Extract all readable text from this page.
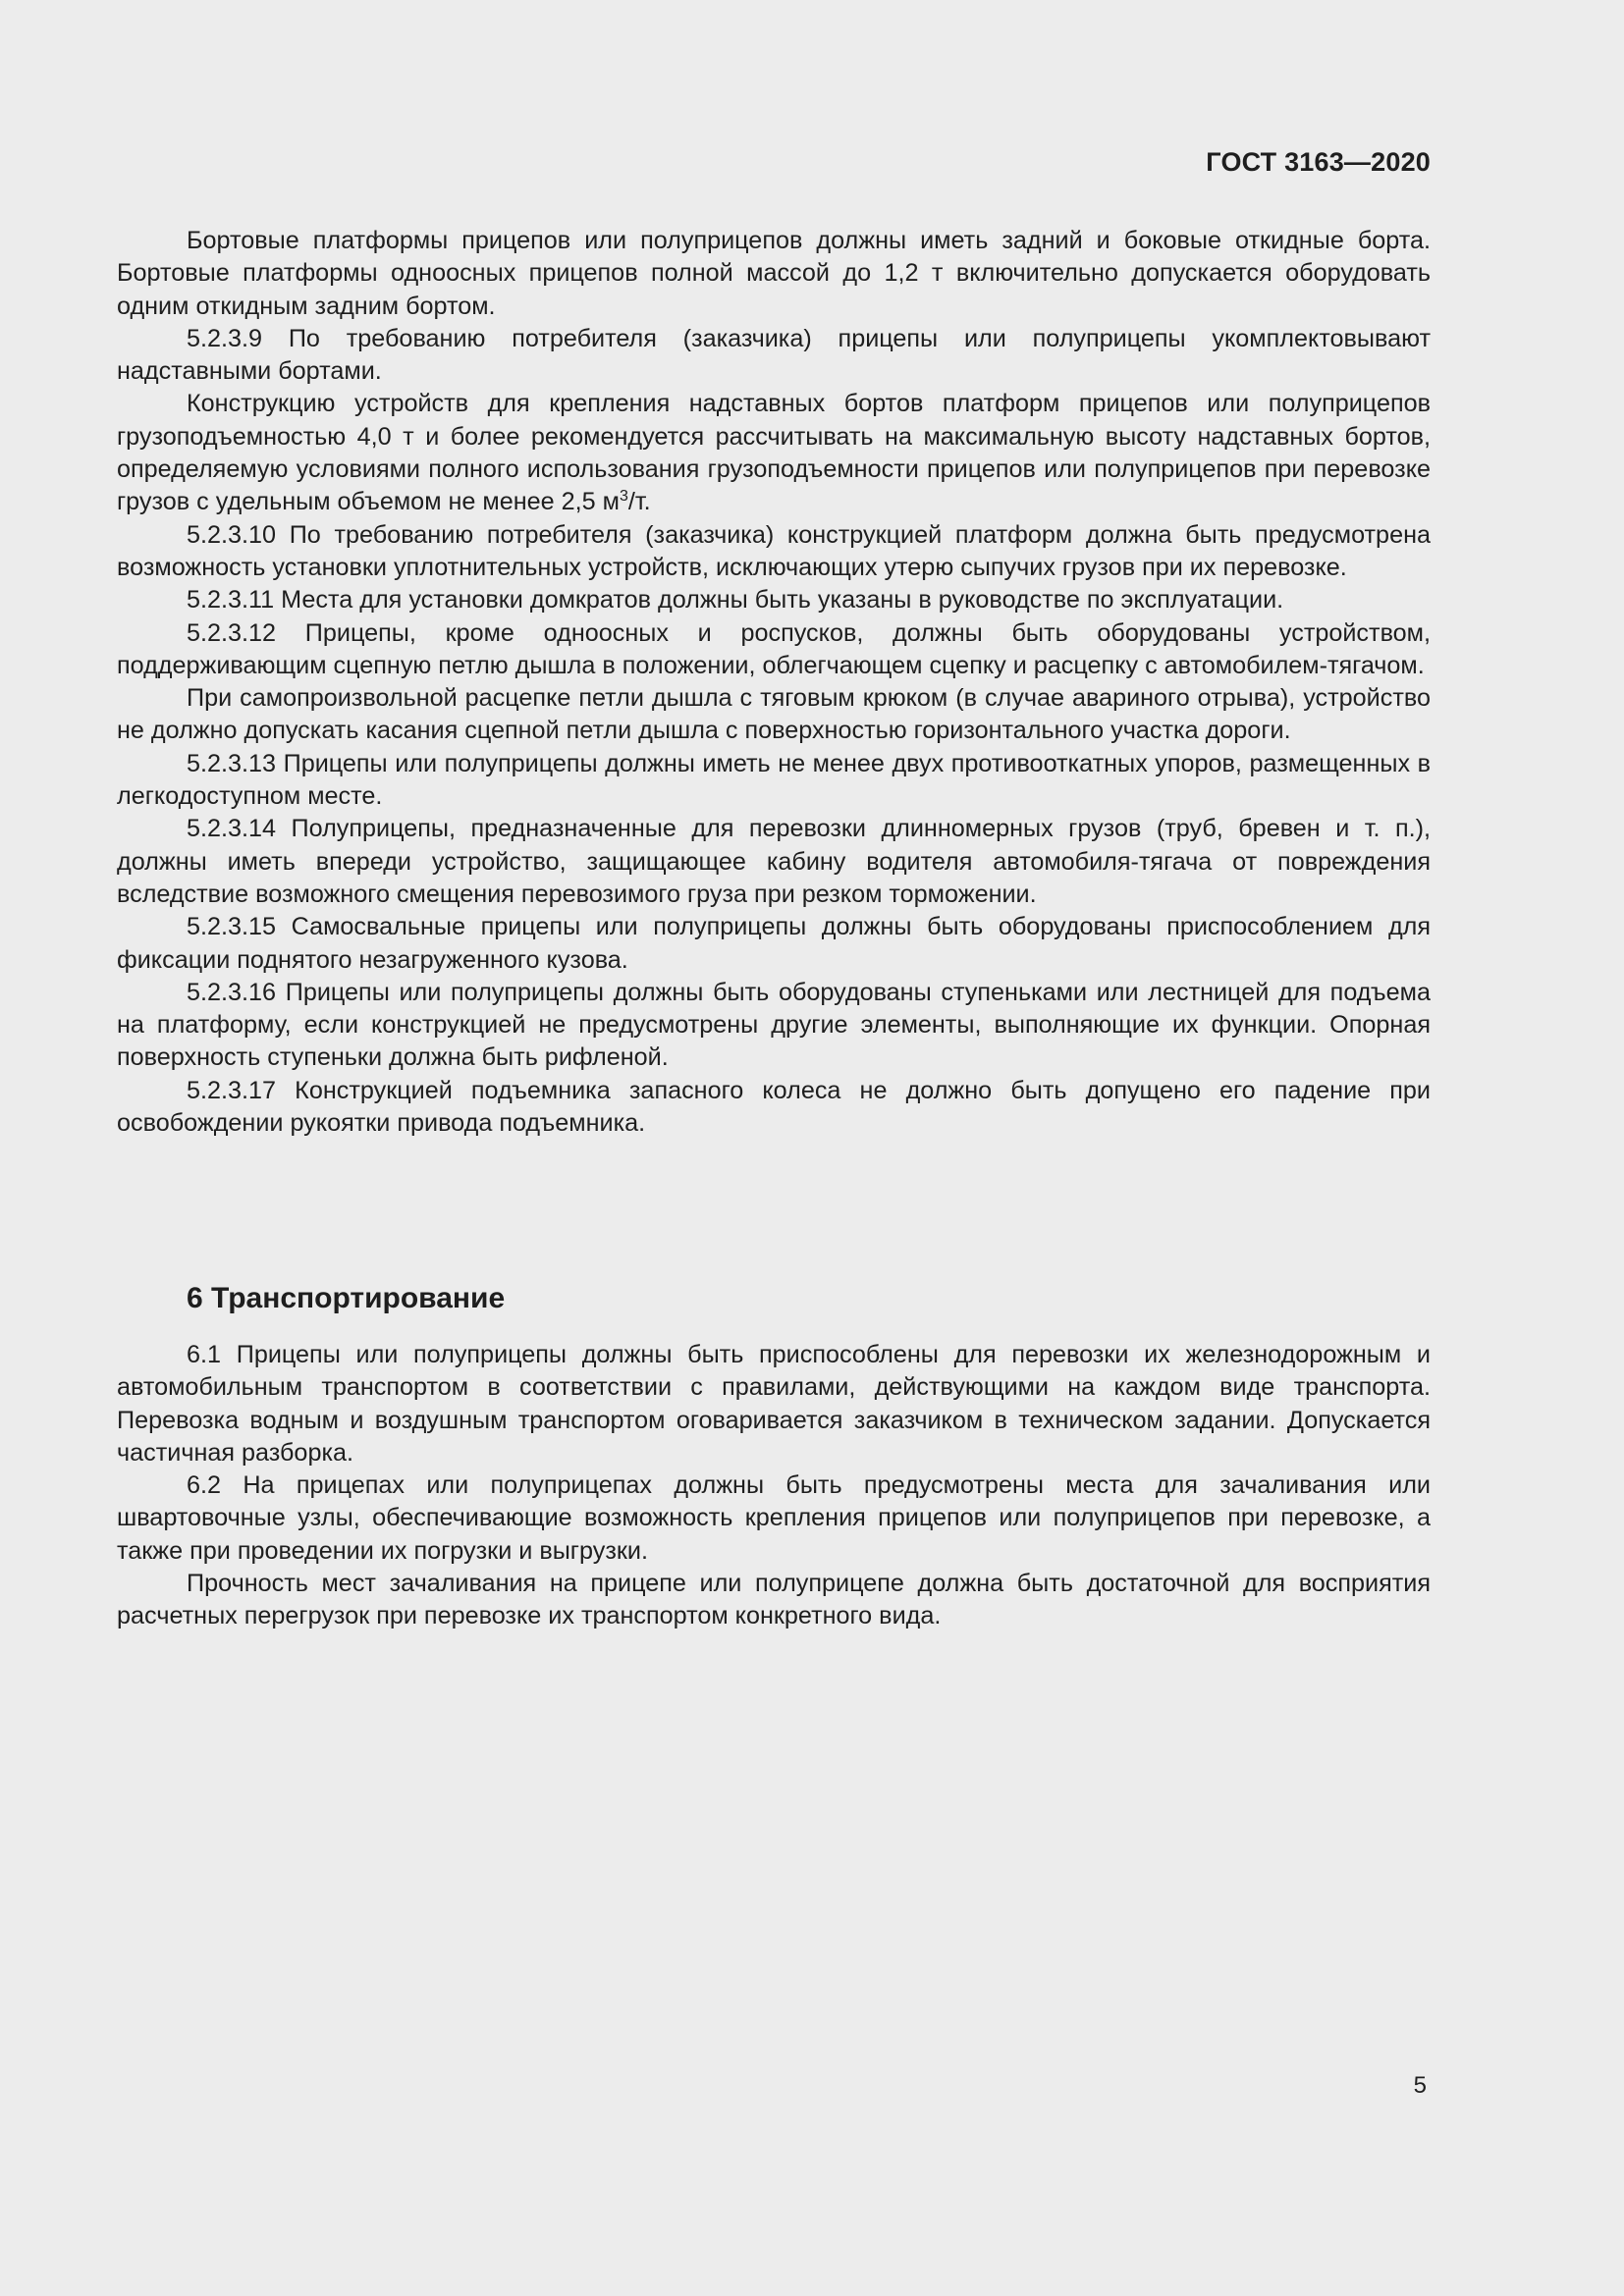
ГОСТ 3163—2020

Бортовые платформы прицепов или полуприцепов должны иметь задний и боковые откидные борта. Бортовые платформы одноосных прицепов полной массой до 1,2 т включительно допускается оборудовать одним откидным задним бортом.

5.2.3.9 По требованию потребителя (заказчика) прицепы или полуприцепы укомплектовывают надставными бортами.

Конструкцию устройств для крепления надставных бортов платформ прицепов или полуприцепов грузоподъемностью 4,0 т и более рекомендуется рассчитывать на максимальную высоту надставных бортов, определяемую условиями полного использования грузоподъемности прицепов или полуприцепов при перевозке грузов с удельным объемом не менее 2,5 $м^3/т$.

5.2.3.10 По требованию потребителя (заказчика) конструкцией платформ должна быть предусмотрена возможность установки уплотнительных устройств, исключающих утерю сыпучих грузов при их перевозке.

5.2.3.11 Места для установки домкратов должны быть указаны в руководстве по эксплуатации.

5.2.3.12 Прицепы, кроме одноосных и роспусков, должны быть оборудованы устройством, поддерживающим сцепную петлю дышла в положении, облегчающем сцепку и расцепку с автомобилем-тягачом.

При самопроизвольной расцепке петли дышла с тяговым крюком (в случае авариного отрыва), устройство не должно допускать касания сцепной петли дышла с поверхностью горизонтального участка дороги.

5.2.3.13 Прицепы или полуприцепы должны иметь не менее двух противооткатных упоров, размещенных в легкодоступном месте.

5.2.3.14 Полуприцепы, предназначенные для перевозки длинномерных грузов (труб, бревен и т. п.), должны иметь впереди устройство, защищающее кабину водителя автомобиля-тягача от повреждения вследствие возможного смещения перевозимого груза при резком торможении.

5.2.3.15 Самосвальные прицепы или полуприцепы должны быть оборудованы приспособлением для фиксации поднятого незагруженного кузова.

5.2.3.16 Прицепы или полуприцепы должны быть оборудованы ступеньками или лестницей для подъема на платформу, если конструкцией не предусмотрены другие элементы, выполняющие их функции. Опорная поверхность ступеньки должна быть рифленой.

5.2.3.17 Конструкцией подъемника запасного колеса не должно быть допущено его падение при освобождении рукоятки привода подъемника.

6 Транспортирование

6.1 Прицепы или полуприцепы должны быть приспособлены для перевозки их железнодорожным и автомобильным транспортом в соответствии с правилами, действующими на каждом виде транспорта. Перевозка водным и воздушным транспортом оговаривается заказчиком в техническом задании. Допускается частичная разборка.

6.2 На прицепах или полуприцепах должны быть предусмотрены места для зачаливания или швартовочные узлы, обеспечивающие возможность крепления прицепов или полуприцепов при перевозке, а также при проведении их погрузки и выгрузки.

Прочность мест зачаливания на прицепе или полуприцепе должна быть достаточной для восприятия расчетных перегрузок при перевозке их транспортом конкретного вида.

5
